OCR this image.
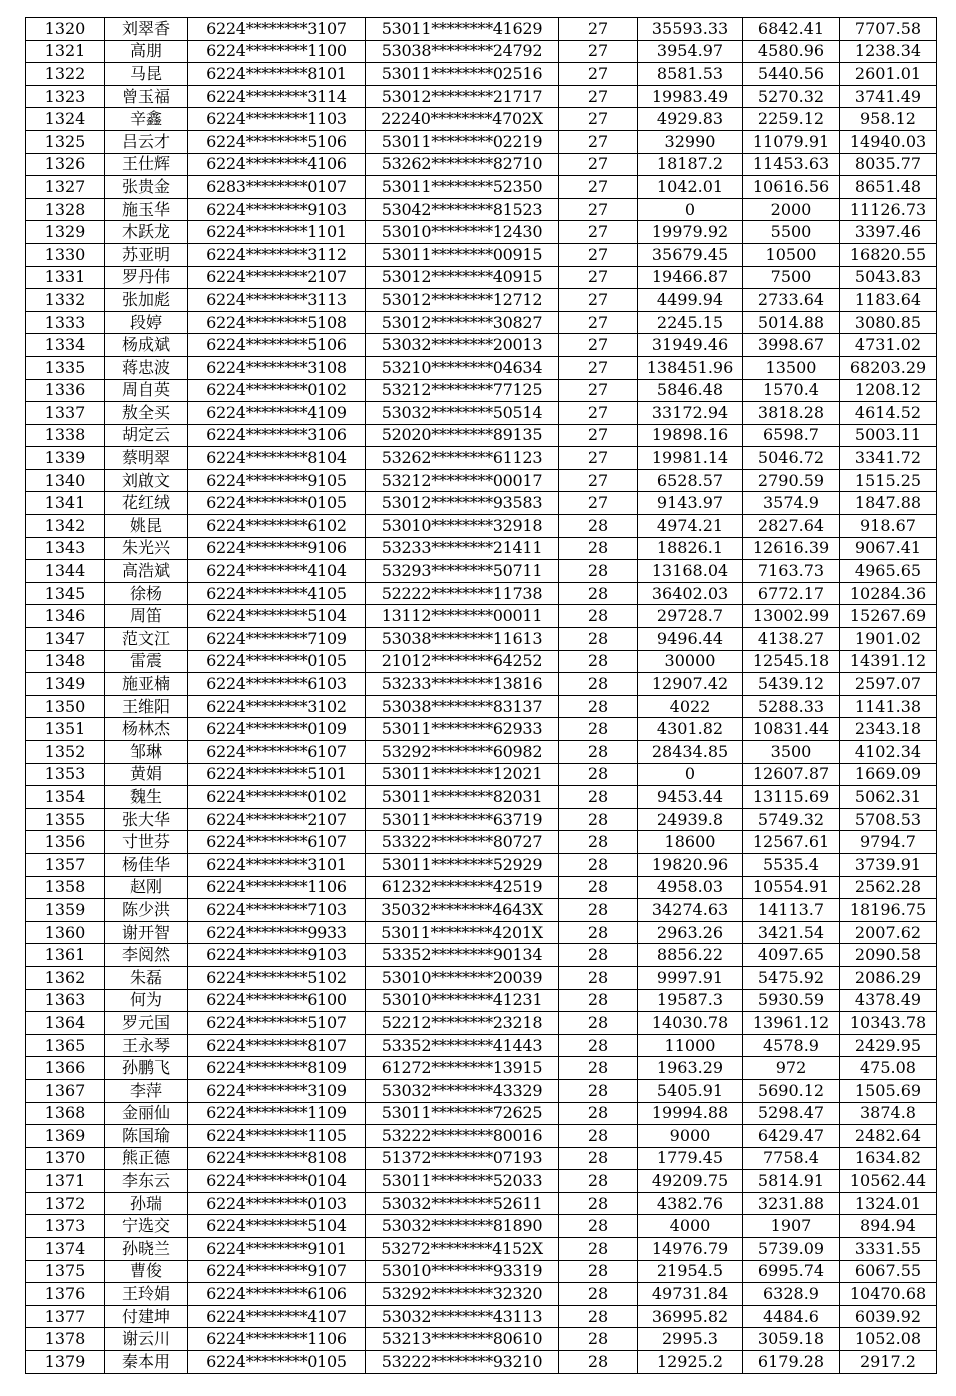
1320	刘翠香	6224********3107	53011********41629	27	35593.33	6842.41	7707.58
1321	高朋	6224********1100	53038********24792	27	3954.97	4580.96	1238.34
1322	马昆	6224********8101	53011********02516	27	8581.53	5440.56	2601.01
1323	曾玉福	6224********3114	53012********21717	27	19983.49	5270.32	3741.49
1324	辛鑫	6224********1103	22240********4702X	27	4929.83	2259.12	958.12
1325	吕云才	6224********5106	53011********02219	27	32990	11079.91	14940.03
1326	王仕辉	6224********4106	53262********82710	27	18187.2	11453.63	8035.77
1327	张贵金	6283********0107	53011********52350	27	1042.01	10616.56	8651.48
1328	施玉华	6224********9103	53042********81523	27	0	2000	11126.73
1329	木跃龙	6224********1101	53010********12430	27	19979.92	5500	3397.46
1330	苏亚明	6224********3112	53011********00915	27	35679.45	10500	16820.55
1331	罗丹伟	6224********2107	53012********40915	27	19466.87	7500	5043.83
1332	张加彪	6224********3113	53012********12712	27	4499.94	2733.64	1183.64
1333	段婷	6224********5108	53012********30827	27	2245.15	5014.88	3080.85
1334	杨成斌	6224********5106	53032********20013	27	31949.46	3998.67	4731.02
1335	蒋忠波	6224********3108	53210********04634	27	138451.96	13500	68203.29
1336	周自英	6224********0102	53212********77125	27	5846.48	1570.4	1208.12
1337	敖全买	6224********4109	53032********50514	27	33172.94	3818.28	4614.52
1338	胡定云	6224********3106	52020********89135	27	19898.16	6598.7	5003.11
1339	蔡明翠	6224********8104	53262********61123	27	19981.14	5046.72	3341.72
1340	刘啟文	6224********9105	53212********00017	27	6528.57	2790.59	1515.25
1341	花红绒	6224********0105	53012********93583	27	9143.97	3574.9	1847.88
1342	姚昆	6224********6102	53010********32918	28	4974.21	2827.64	918.67
1343	朱光兴	6224********9106	53233********21411	28	18826.1	12616.39	9067.41
1344	高浩斌	6224********4104	53293********50711	28	13168.04	7163.73	4965.65
1345	徐杨	6224********4105	52222********11738	28	36402.03	6772.17	10284.36
1346	周笛	6224********5104	13112********00011	28	29728.7	13002.99	15267.69
1347	范文江	6224********7109	53038********11613	28	9496.44	4138.27	1901.02
1348	雷震	6224********0105	21012********64252	28	30000	12545.18	14391.12
1349	施亚楠	6224********6103	53233********13816	28	12907.42	5439.12	2597.07
1350	王维阳	6224********3102	53038********83137	28	4022	5288.33	1141.38
1351	杨林杰	6224********0109	53011********62933	28	4301.82	10831.44	2343.18
1352	邹琳	6224********6107	53292********60982	28	28434.85	3500	4102.34
1353	黄娟	6224********5101	53011********12021	28	0	12607.87	1669.09
1354	魏生	6224********0102	53011********82031	28	9453.44	13115.69	5062.31
1355	张大华	6224********2107	53011********63719	28	24939.8	5749.32	5708.53
1356	寸世芬	6224********6107	53322********80727	28	18600	12567.61	9794.7
1357	杨佳华	6224********3101	53011********52929	28	19820.96	5535.4	3739.91
1358	赵刚	6224********1106	61232********42519	28	4958.03	10554.91	2562.28
1359	陈少洪	6224********7103	35032********4643X	28	34274.63	14113.7	18196.75
1360	谢开智	6224********9933	53011********4201X	28	2963.26	3421.54	2007.62
1361	李阅然	6224********9103	53352********90134	28	8856.22	4097.65	2090.58
1362	朱磊	6224********5102	53010********20039	28	9997.91	5475.92	2086.29
1363	何为	6224********6100	53010********41231	28	19587.3	5930.59	4378.49
1364	罗元国	6224********5107	52212********23218	28	14030.78	13961.12	10343.78
1365	王永琴	6224********8107	53352********41443	28	11000	4578.9	2429.95
1366	孙鹏飞	6224********8109	61272********13915	28	1963.29	972	475.08
1367	李萍	6224********3109	53032********43329	28	5405.91	5690.12	1505.69
1368	金丽仙	6224********1109	53011********72625	28	19994.88	5298.47	3874.8
1369	陈国瑜	6224********1105	53222********80016	28	9000	6429.47	2482.64
1370	熊正德	6224********8108	51372********07193	28	1779.45	7758.4	1634.82
1371	李东云	6224********0104	53011********52033	28	49209.75	5814.91	10562.44
1372	孙瑞	6224********0103	53032********52611	28	4382.76	3231.88	1324.01
1373	宁选交	6224********5104	53032********81890	28	4000	1907	894.94
1374	孙晓兰	6224********9101	53272********4152X	28	14976.79	5739.09	3331.55
1375	曹俊	6224********9107	53010********93319	28	21954.5	6995.74	6067.55
1376	王玲娟	6224********6106	53292********32320	28	49731.84	6328.9	10470.68
1377	付建坤	6224********4107	53032********43113	28	36995.82	4484.6	6039.92
1378	谢云川	6224********1106	53213********80610	28	2995.3	3059.18	1052.08
1379	秦本用	6224********0105	53222********93210	28	12925.2	6179.28	2917.2
